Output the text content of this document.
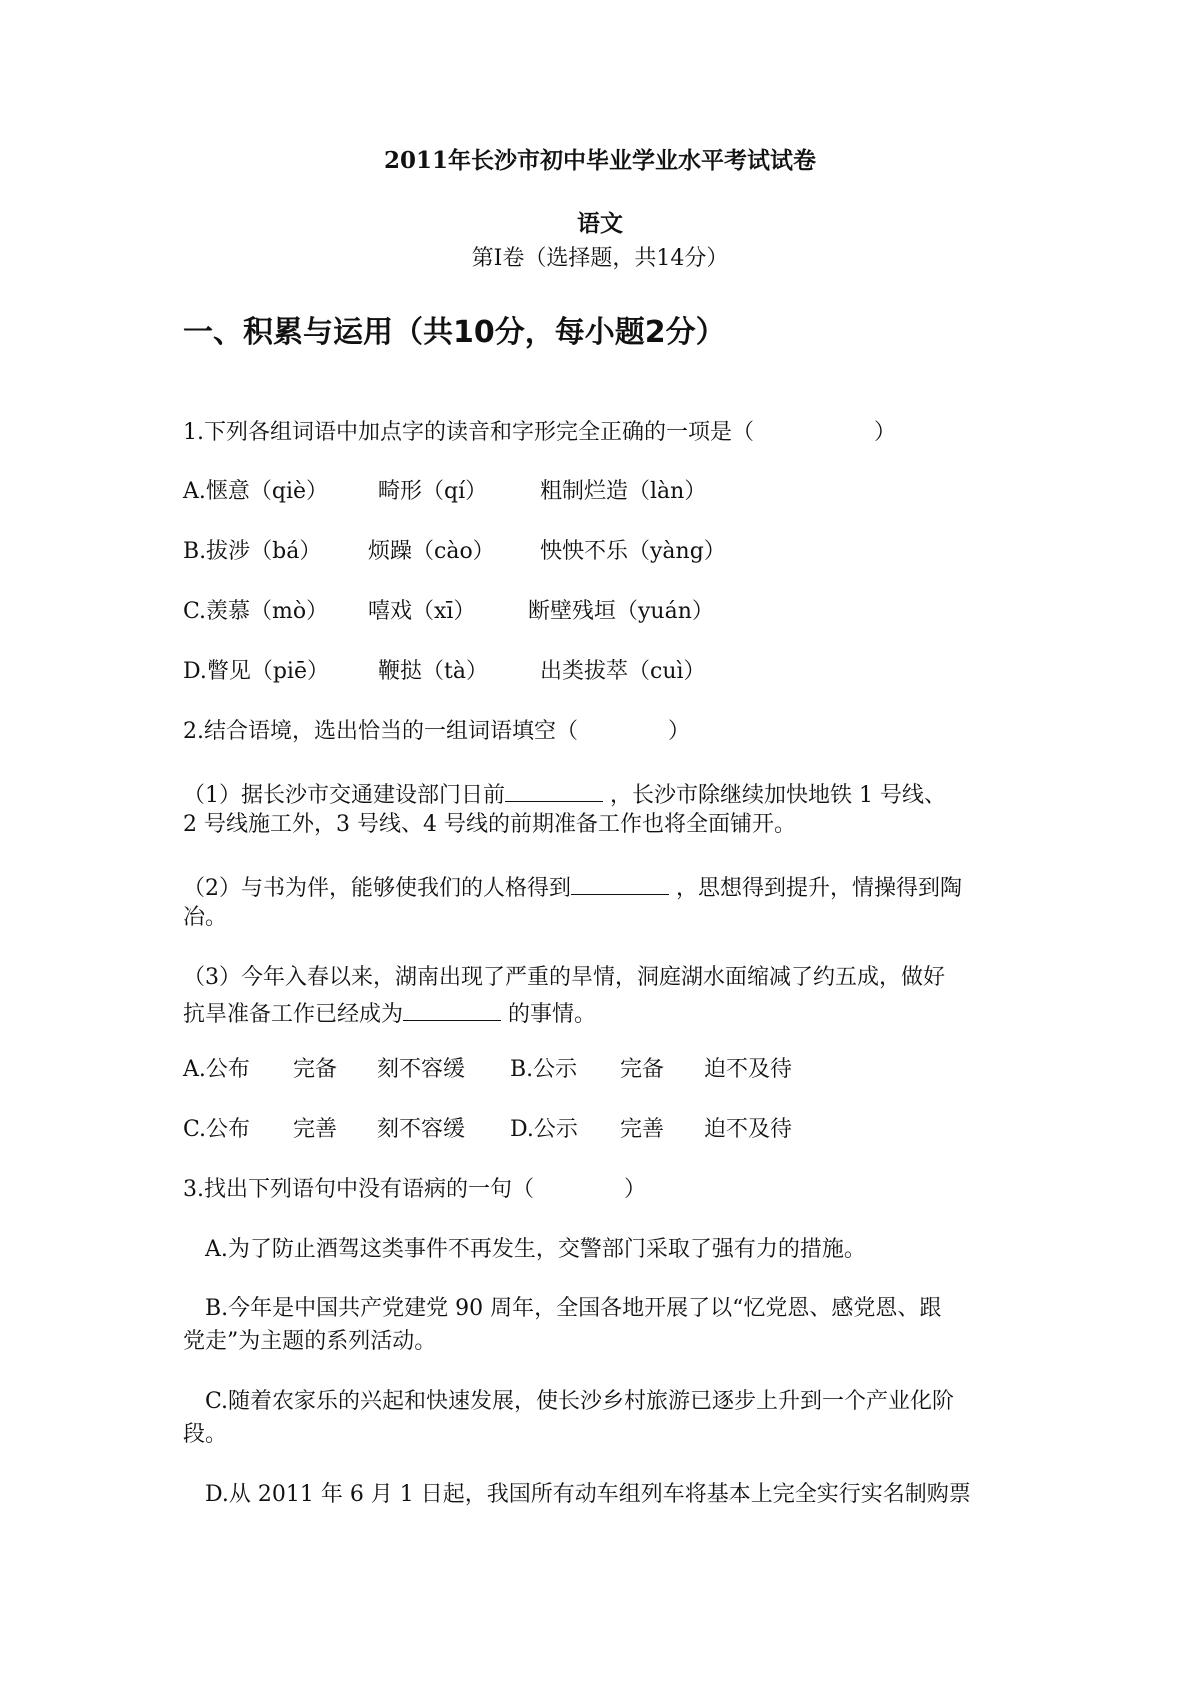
2011年长沙市初中毕业学业水平考试试卷
语文
第Ⅰ卷（选择题，共14分）
一、积累与运用（共10分，每小题2分）
1.下列各组词语中加点字的读音和字形完全正确的一项是（	）
A.惬意（qiè） 畸形（qí） 粗制烂造（làn）
B.拔涉（bá） 烦躁（cào） 怏怏不乐（yàng）
C.羡慕（mò） 嘻戏（xī） 断壁残垣（yuán）
D.瞥见（piē） 鞭挞（tà） 出类拔萃（cuì）
2.结合语境，选出恰当的一组词语填空（	）
（1）据长沙市交通建设部门日前	，长沙市除继续加快地铁 1 号线、
2 号线施工外，3 号线、4 号线的前期准备工作也将全面铺开。
（2）与书为伴，能够使我们的人格得到	，思想得到提升，情操得到陶
冶。
（3）今年入春以来，湖南出现了严重的旱情，洞庭湖水面缩减了约五成，做好
抗旱准备工作已经成为	的事情。
A.公布 完备 刻不容缓 B.公示 完备 迫不及待
C.公布 完善 刻不容缓 D.公示 完善 迫不及待
3.找出下列语句中没有语病的一句（	）
A.为了防止酒驾这类事件不再发生，交警部门采取了强有力的措施。
B.今年是中国共产党建党 90 周年，全国各地开展了以“忆党恩、感党恩、跟
党走”为主题的系列活动。
C.随着农家乐的兴起和快速发展，使长沙乡村旅游已逐步上升到一个产业化阶
段。
D.从 2011 年 6 月 1 日起，我国所有动车组列车将基本上完全实行实名制购票
